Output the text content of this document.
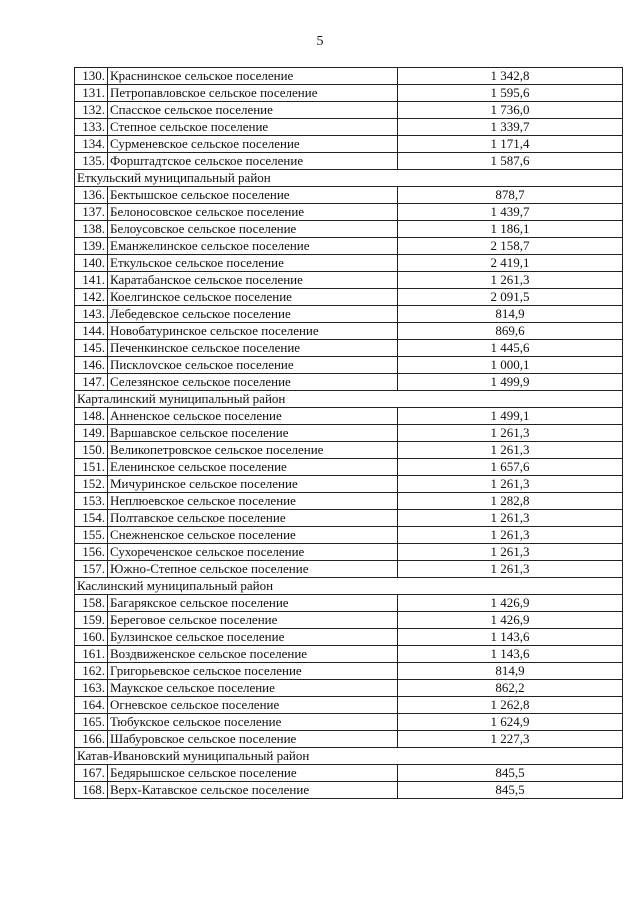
5
130.	Краснинское сельское поселение	1 342,8
131.	Петропавловское сельское поселение	1 595,6
132.	Спасское сельское поселение	1 736,0
133.	Степное сельское поселение	1 339,7
134.	Сурменевское сельское поселение	1 171,4
135.	Форштадтское сельское поселение	1 587,6
Еткульский муниципальный район		
136.	Бектышское сельское поселение	878,7
137.	Белоносовское сельское поселение	1 439,7
138.	Белоусовское сельское поселение	1 186,1
139.	Еманжелинское сельское поселение	2 158,7
140.	Еткульское сельское поселение	2 419,1
141.	Каратабанское сельское поселение	1 261,3
142.	Коелгинское сельское поселение	2 091,5
143.	Лебедевское сельское поселение	814,9
144.	Новобатуринское сельское поселение	869,6
145.	Печенкинское сельское поселение	1 445,6
146.	Писклovское сельское поселение	1 000,1
147.	Селезянское сельское поселение	1 499,9
Карталинский муниципальный район		
148.	Анненское сельское поселение	1 499,1
149.	Варшавское сельское поселение	1 261,3
150.	Великопетровское сельское поселение	1 261,3
151.	Еленинское сельское поселение	1 657,6
152.	Мичуринское сельское поселение	1 261,3
153.	Неплюевское сельское поселение	1 282,8
154.	Полтавское сельское поселение	1 261,3
155.	Снежненское сельское поселение	1 261,3
156.	Сухореченское сельское поселение	1 261,3
157.	Южно-Степное сельское поселение	1 261,3
Каслинский муниципальный район		
158.	Багарякское сельское поселение	1 426,9
159.	Береговое сельское поселение	1 426,9
160.	Булзинское сельское поселение	1 143,6
161.	Воздвиженское сельское поселение	1 143,6
162.	Григорьевское сельское поселение	814,9
163.	Маукское сельское поселение	862,2
164.	Огневское сельское поселение	1 262,8
165.	Тюбукское сельское поселение	1 624,9
166.	Шабуровское сельское поселение	1 227,3
Катав-Ивановский муниципальный район		
167.	Бедярышское сельское поселение	845,5
168.	Верх-Катавское сельское поселение	845,5
